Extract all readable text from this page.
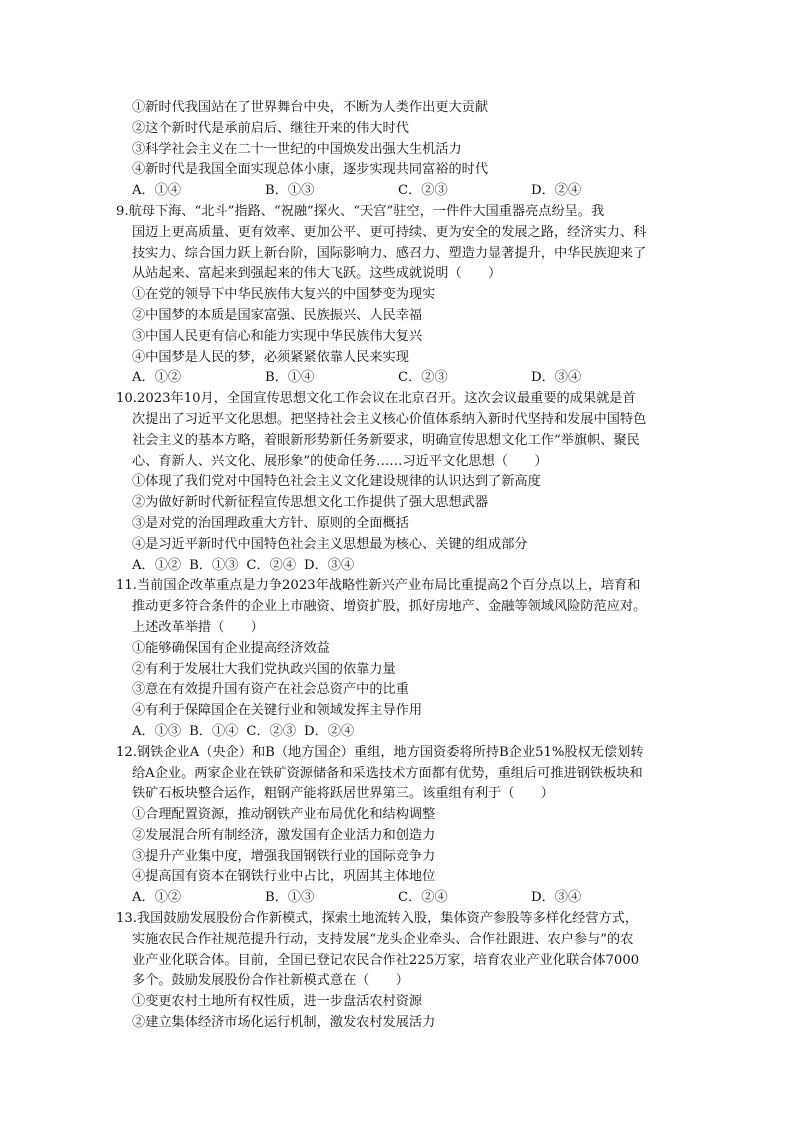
①新时代我国站在了世界舞台中央，不断为人类作出更大贡献
②这个新时代是承前启后、继往开来的伟大时代
③科学社会主义在二十一世纪的中国焕发出强大生机活力
④新时代是我国全面实现总体小康，逐步实现共同富裕的时代
A．①④	B．①③	C．②③	D．②④
9.航母下海、“北斗”指路、“祝融”探火、“天宫”驻空，一件件大国重器亮点纷呈。我
国迈上更高质量、更有效率、更加公平、更可持续、更为安全的发展之路，经济实力、科
技实力、综合国力跃上新台阶，国际影响力、感召力、塑造力显著提升，中华民族迎来了
从站起来、富起来到强起来的伟大飞跃。这些成就说明（　　）
①在党的领导下中华民族伟大复兴的中国梦变为现实
②中国梦的本质是国家富强、民族振兴、人民幸福
③中国人民更有信心和能力实现中华民族伟大复兴
④中国梦是人民的梦，必须紧紧依靠人民来实现
A．①②	B．①④	C．②③	D．③④
10.2023年10月，全国宣传思想文化工作会议在北京召开。这次会议最重要的成果就是首
次提出了习近平文化思想。把坚持社会主义核心价值体系纳入新时代坚持和发展中国特色
社会主义的基本方略，着眼新形势新任务新要求，明确宣传思想文化工作“举旗帜、聚民
心、育新人、兴文化、展形象”的使命任务……习近平文化思想（　　）
①体现了我们党对中国特色社会主义文化建设规律的认识达到了新高度
②为做好新时代新征程宣传思想文化工作提供了强大思想武器
③是对党的治国理政重大方针、原则的全面概括
④是习近平新时代中国特色社会主义思想最为核心、关键的组成部分
A．①② B．①③ C．②④ D．③④
11.当前国企改革重点是力争2023年战略性新兴产业布局比重提高2个百分点以上，培育和
推动更多符合条件的企业上市融资、增资扩股，抓好房地产、金融等领域风险防范应对。
上述改革举措（　　）
①能够确保国有企业提高经济效益
②有利于发展壮大我们党执政兴国的依靠力量
③意在有效提升国有资产在社会总资产中的比重
④有利于保障国企在关键行业和领域发挥主导作用
A．①③ B．①④ C．②③ D．②④
12.钢铁企业A（央企）和B（地方国企）重组，地方国资委将所持B企业51%股权无偿划转
给A企业。两家企业在铁矿资源储备和采选技术方面都有优势，重组后可推进钢铁板块和
铁矿石板块整合运作，粗钢产能将跃居世界第三。该重组有利于（　　）
①合理配置资源，推动钢铁产业布局优化和结构调整
②发展混合所有制经济，激发国有企业活力和创造力
③提升产业集中度，增强我国钢铁行业的国际竞争力
④提高国有资本在钢铁行业中占比，巩固其主体地位
A．①②	B．①③	C．②④	D．③④
13.我国鼓励发展股份合作新模式，探索土地流转入股，集体资产参股等多样化经营方式，
实施农民合作社规范提升行动，支持发展“龙头企业牵头、合作社跟进、农户参与”的农
业产业化联合体。目前，全国已登记农民合作社225万家，培育农业产业化联合体7000
多个。鼓励发展股份合作社新模式意在（　　）
①变更农村土地所有权性质，进一步盘活农村资源
②建立集体经济市场化运行机制，激发农村发展活力
